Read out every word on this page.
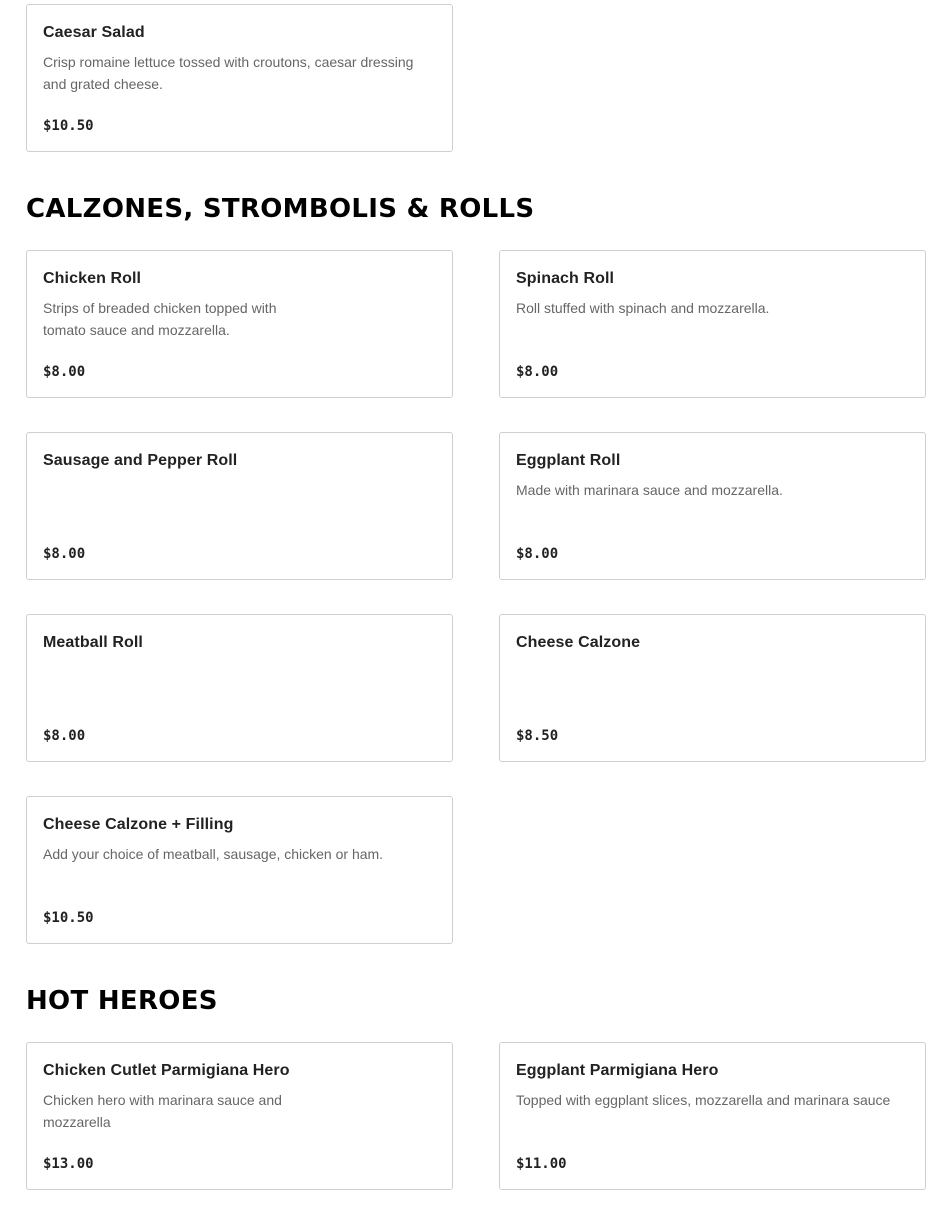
Caesar Salad
Crisp romaine lettuce tossed with croutons, caesar dressing and grated cheese.
$10.50
CALZONES, STROMBOLIS & ROLLS
Chicken Roll
Strips of breaded chicken topped with tomato sauce and mozzarella.
$8.00
Spinach Roll
Roll stuffed with spinach and mozzarella.
$8.00
Sausage and Pepper Roll
$8.00
Eggplant Roll
Made with marinara sauce and mozzarella.
$8.00
Meatball Roll
$8.00
Cheese Calzone
$8.50
Cheese Calzone + Filling
Add your choice of meatball, sausage, chicken or ham.
$10.50
HOT HEROES
Chicken Cutlet Parmigiana Hero
Chicken hero with marinara sauce and mozzarella
$13.00
Eggplant Parmigiana Hero
Topped with eggplant slices, mozzarella and marinara sauce
$11.00
